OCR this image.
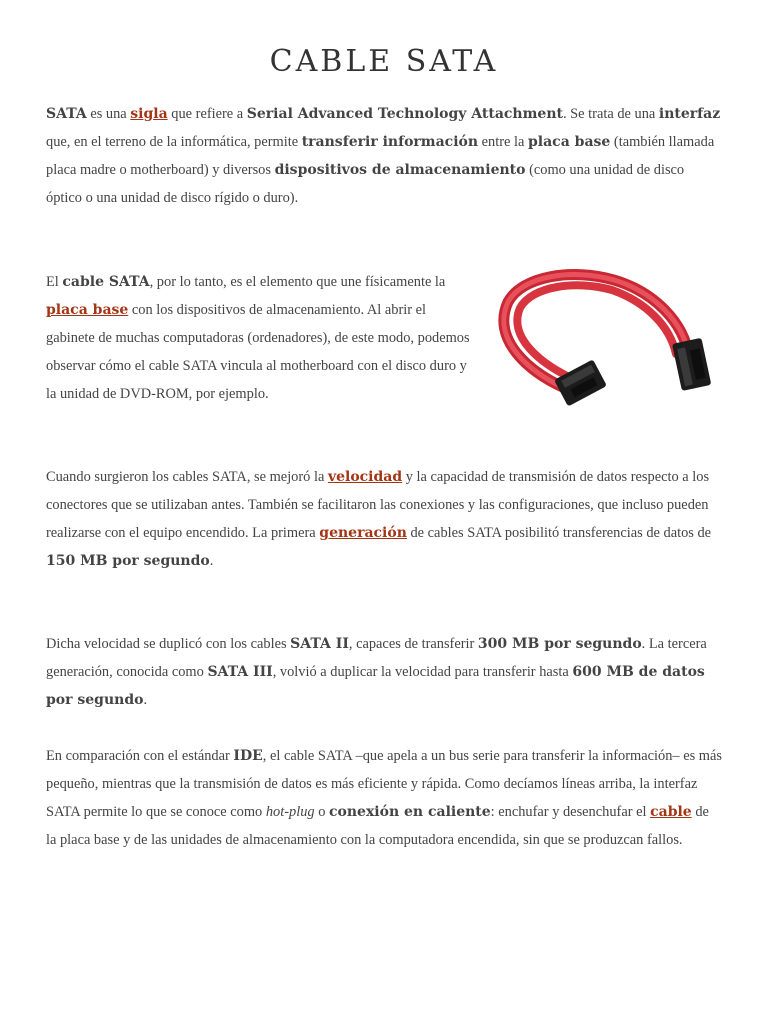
CABLE SATA

SATA es una sigla que refiere a Serial Advanced Technology Attachment. Se trata de una interfaz que, en el terreno de la informática, permite transferir información entre la placa base (también llamada placa madre o motherboard) y diversos dispositivos de almacenamiento (como una unidad de disco óptico o una unidad de disco rígido o duro).

El cable SATA, por lo tanto, es el elemento que une físicamente la placa base con los dispositivos de almacenamiento. Al abrir el gabinete de muchas computadoras (ordenadores), de este modo, podemos observar cómo el cable SATA vincula al motherboard con el disco duro y la unidad de DVD-ROM, por ejemplo.

Cuando surgieron los cables SATA, se mejoró la velocidad y la capacidad de transmisión de datos respecto a los conectores que se utilizaban antes. También se facilitaron las conexiones y las configuraciones, que incluso pueden realizarse con el equipo encendido. La primera generación de cables SATA posibilitó transferencias de datos de 150 MB por segundo.

Dicha velocidad se duplicó con los cables SATA II, capaces de transferir 300 MB por segundo. La tercera generación, conocida como SATA III, volvió a duplicar la velocidad para transferir hasta 600 MB de datos por segundo.

En comparación con el estándar IDE, el cable SATA –que apela a un bus serie para transferir la información– es más pequeño, mientras que la transmisión de datos es más eficiente y rápida. Como decíamos líneas arriba, la interfaz SATA permite lo que se conoce como hot-plug o conexión en caliente: enchufar y desenchufar el cable de la placa base y de las unidades de almacenamiento con la computadora encendida, sin que se produzcan fallos.
